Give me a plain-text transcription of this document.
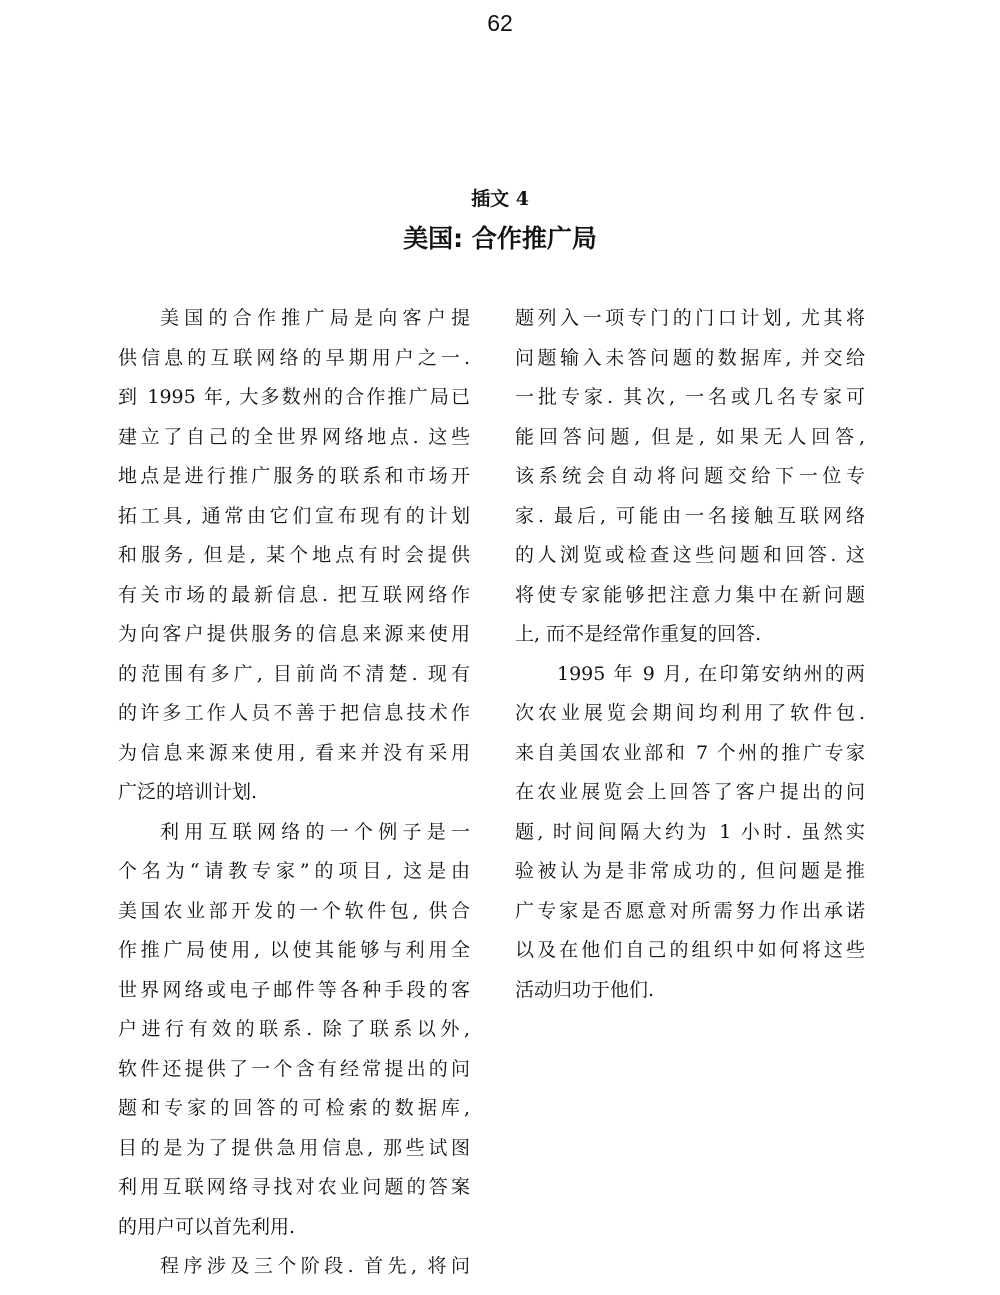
62
插文 4
美国: 合作推广局
美国的合作推广局是向客户提
供信息的互联网络的早期用户之一.
到 1995 年, 大多数州的合作推广局已
建立了自己的全世界网络地点. 这些
地点是进行推广服务的联系和市场开
拓工具, 通常由它们宣布现有的计划
和服务, 但是, 某个地点有时会提供
有关市场的最新信息. 把互联网络作
为向客户提供服务的信息来源来使用
的范围有多广, 目前尚不清楚. 现有
的许多工作人员不善于把信息技术作
为信息来源来使用, 看来并没有采用
广泛的培训计划.
利用互联网络的一个例子是一
个名为“请教专家”的项目, 这是由
美国农业部开发的一个软件包, 供合
作推广局使用, 以使其能够与利用全
世界网络或电子邮件等各种手段的客
户进行有效的联系. 除了联系以外,
软件还提供了一个含有经常提出的问
题和专家的回答的可检索的数据库,
目的是为了提供急用信息, 那些试图
利用互联网络寻找对农业问题的答案
的用户可以首先利用.
程序涉及三个阶段. 首先, 将问
题列入一项专门的门口计划, 尤其将
问题输入未答问题的数据库, 并交给
一批专家. 其次, 一名或几名专家可
能回答问题, 但是, 如果无人回答,
该系统会自动将问题交给下一位专
家. 最后, 可能由一名接触互联网络
的人浏览或检查这些问题和回答. 这
将使专家能够把注意力集中在新问题
上, 而不是经常作重复的回答.
1995 年 9 月, 在印第安纳州的两
次农业展览会期间均利用了软件包.
来自美国农业部和 7 个州的推广专家
在农业展览会上回答了客户提出的问
题, 时间间隔大约为 1 小时. 虽然实
验被认为是非常成功的, 但问题是推
广专家是否愿意对所需努力作出承诺
以及在他们自己的组织中如何将这些
活动归功于他们.
